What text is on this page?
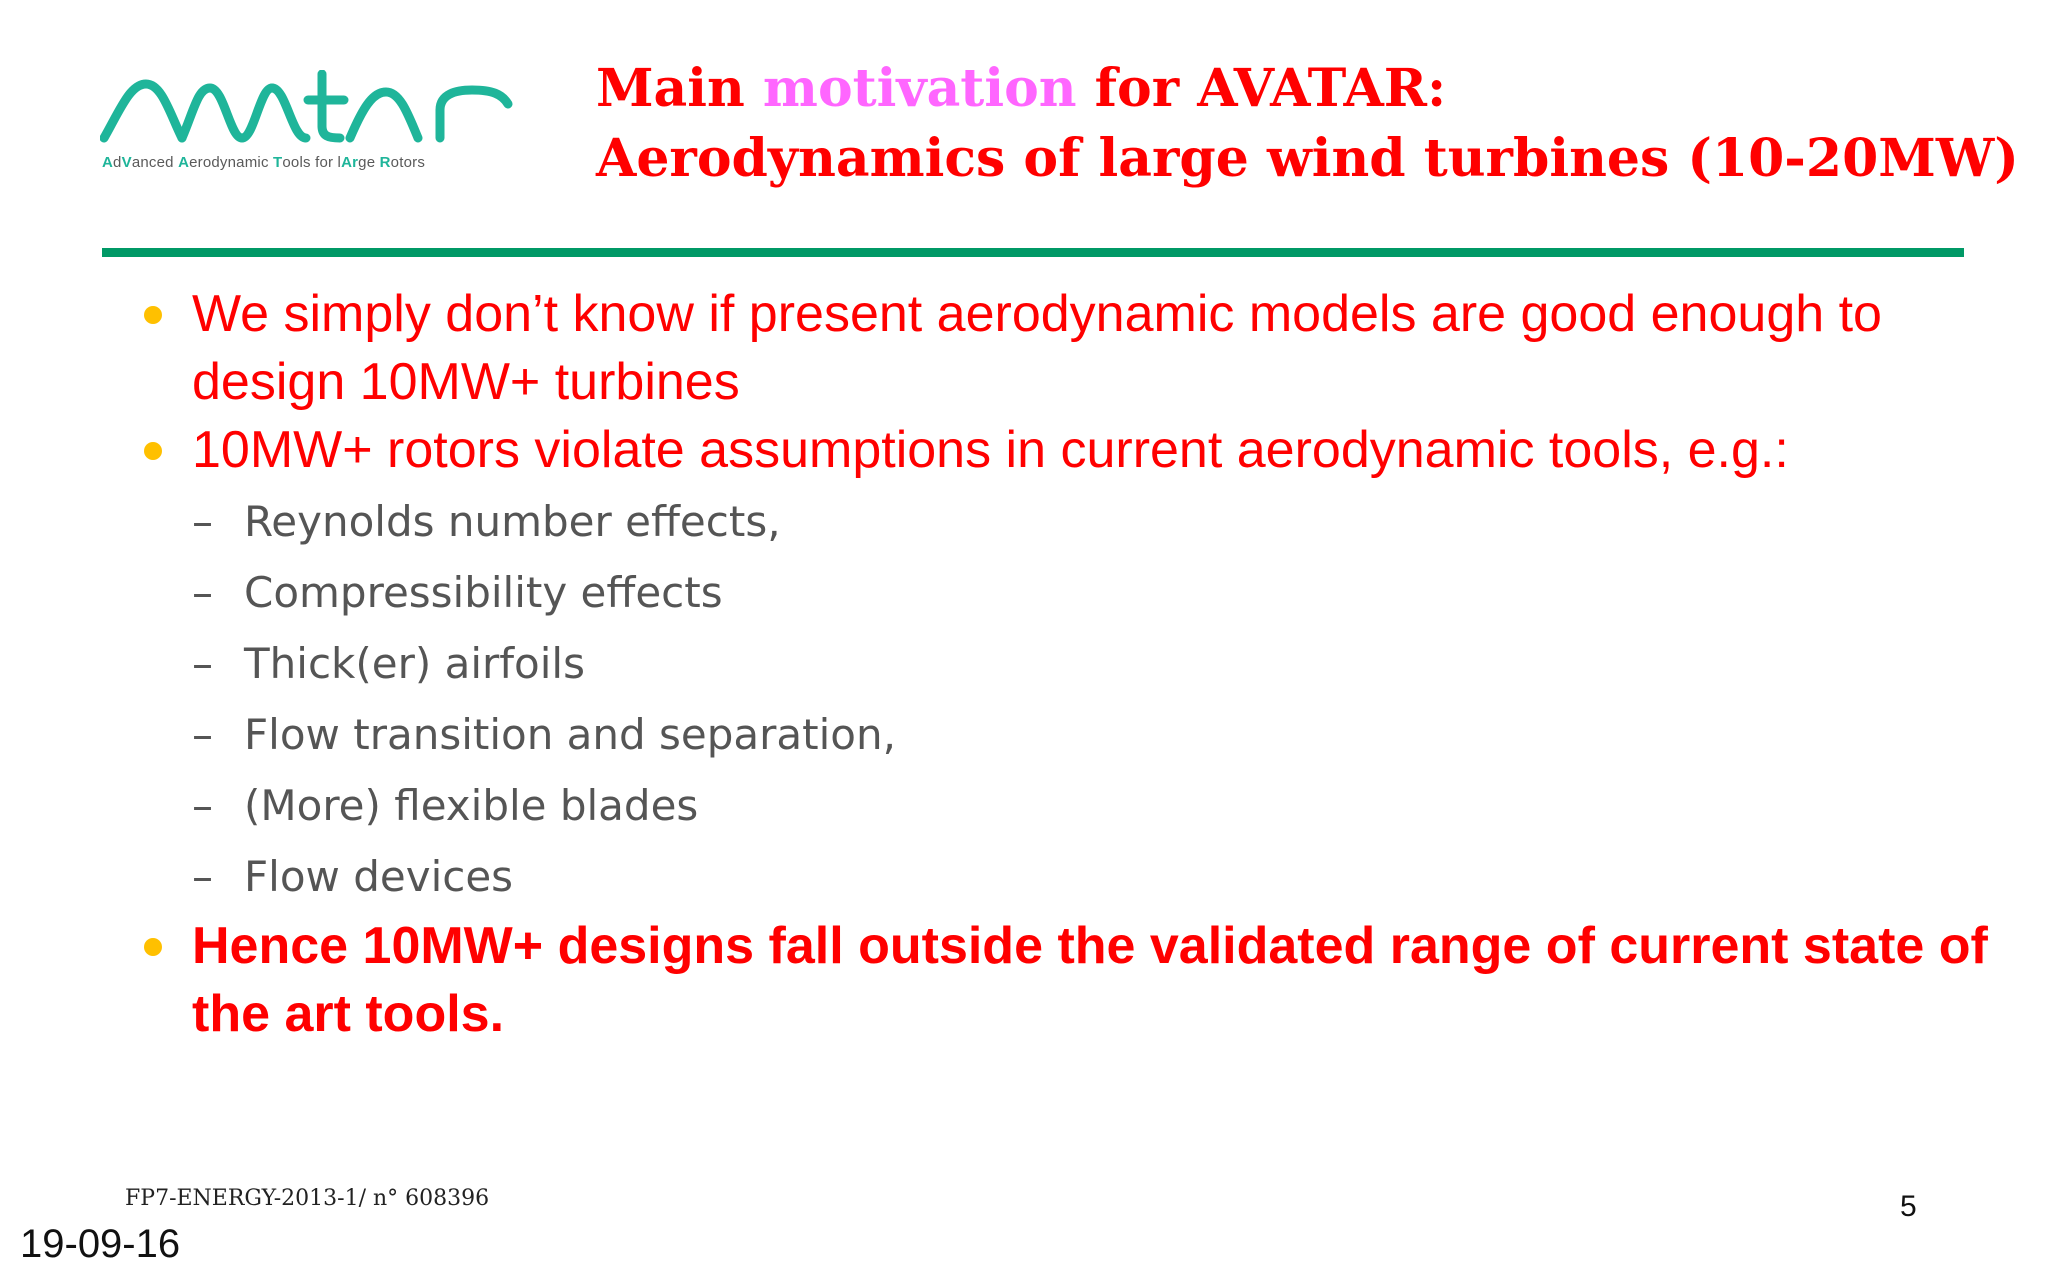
AdVanced Aerodynamic Tools for lArge Rotors
Main motivation for AVATAR:
Aerodynamics of large wind turbines (10-20MW)
We simply don’t know if present aerodynamic models are good enough to design 10MW+ turbines
10MW+ rotors violate assumptions in current aerodynamic tools, e.g.:
– Reynolds number effects,
– Compressibility effects
– Thick(er) airfoils
– Flow transition and separation,
– (More) flexible blades
– Flow devices
Hence 10MW+ designs fall outside the validated range of current state of the art tools.
FP7-ENERGY-2013-1/ n° 608396
19-09-16
5
